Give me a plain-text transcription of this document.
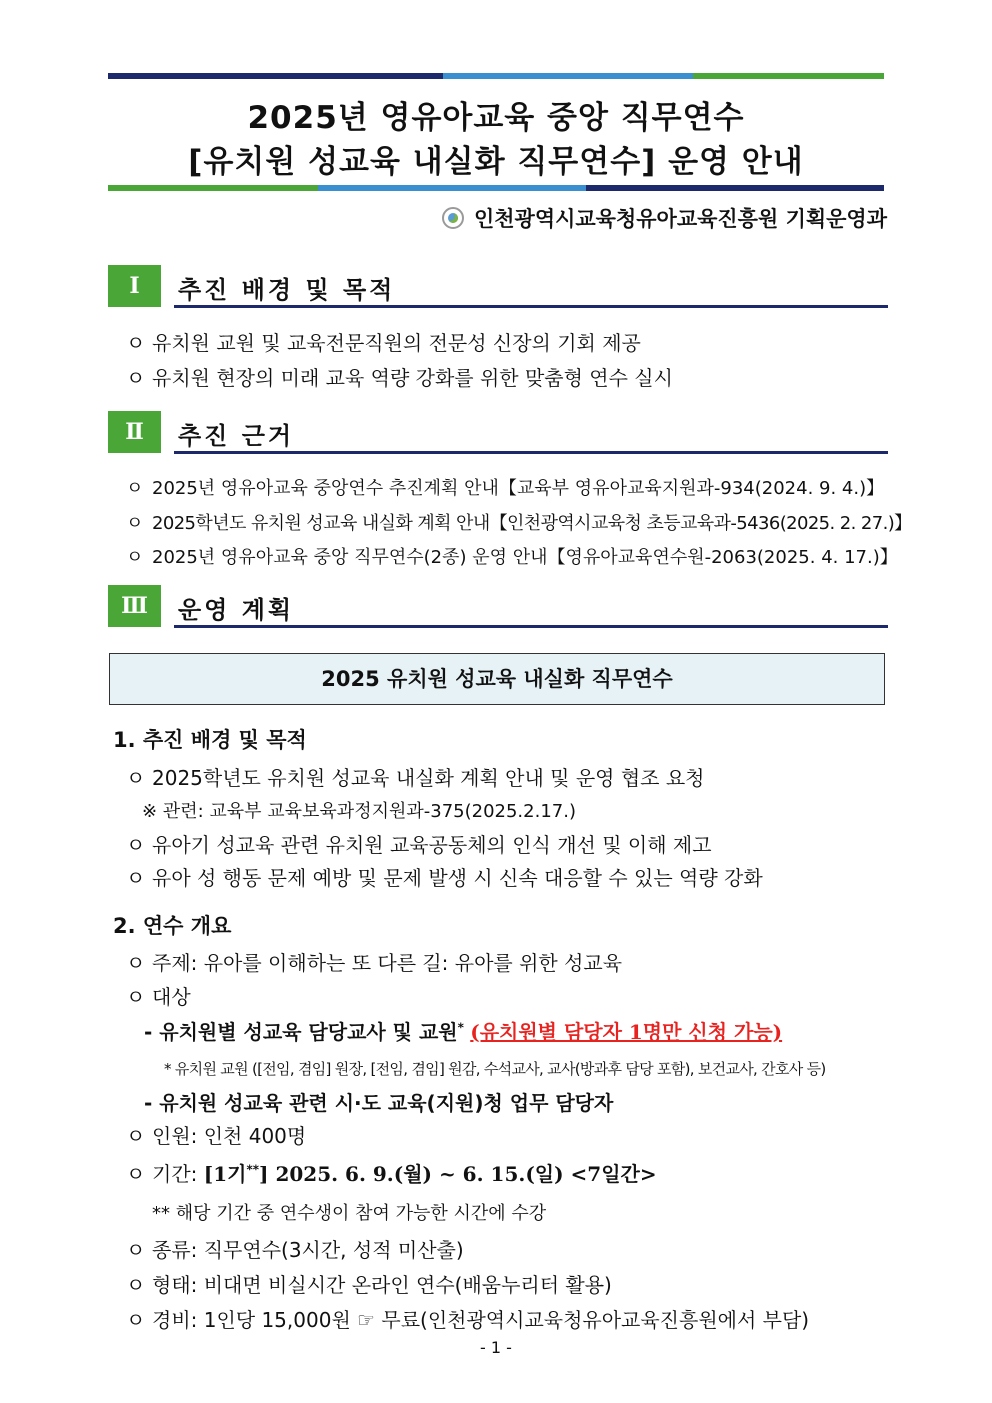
2025년 영유아교육 중앙 직무연수
[유치원 성교육 내실화 직무연수] 운영 안내
인천광역시교육청유아교육진흥원 기획운영과
Ⅰ	추진 배경 및 목적
ㅇ 유치원 교원 및 교육전문직원의 전문성 신장의 기회 제공
ㅇ 유치원 현장의 미래 교육 역량 강화를 위한 맞춤형 연수 실시
Ⅱ	추진 근거
ㅇ 2025년 영유아교육 중앙연수 추진계획 안내【교육부 영유아교육지원과-934(2024. 9. 4.)】
ㅇ 2025학년도 유치원 성교육 내실화 계획 안내【인천광역시교육청 초등교육과-5436(2025. 2. 27.)】
ㅇ 2025년 영유아교육 중앙 직무연수(2종) 운영 안내【영유아교육연수원-2063(2025. 4. 17.)】
Ⅲ	운영 계획
2025 유치원 성교육 내실화 직무연수
1. 추진 배경 및 목적
ㅇ 2025학년도 유치원 성교육 내실화 계획 안내 및 운영 협조 요청
※ 관련: 교육부 교육보육과정지원과-375(2025.2.17.)
ㅇ 유아기 성교육 관련 유치원 교육공동체의 인식 개선 및 이해 제고
ㅇ 유아 성 행동 문제 예방 및 문제 발생 시 신속 대응할 수 있는 역량 강화
2. 연수 개요
ㅇ 주제: 유아를 이해하는 또 다른 길: 유아를 위한 성교육
ㅇ 대상
- 유치원별 성교육 담당교사 및 교원* (유치원별 담당자 1명만 신청 가능)
* 유치원 교원 ([전임, 겸임] 원장, [전임, 겸임] 원감, 수석교사, 교사(방과후 담당 포함), 보건교사, 간호사 등)
- 유치원 성교육 관련 시·도 교육(지원)청 업무 담당자
ㅇ 인원: 인천 400명
ㅇ 기간: [1기**] 2025. 6. 9.(월) ~ 6. 15.(일) <7일간>
** 해당 기간 중 연수생이 참여 가능한 시간에 수강
ㅇ 종류: 직무연수(3시간, 성적 미산출)
ㅇ 형태: 비대면 비실시간 온라인 연수(배움누리터 활용)
ㅇ 경비: 1인당 15,000원 ☞ 무료(인천광역시교육청유아교육진흥원에서 부담)
- 1 -
